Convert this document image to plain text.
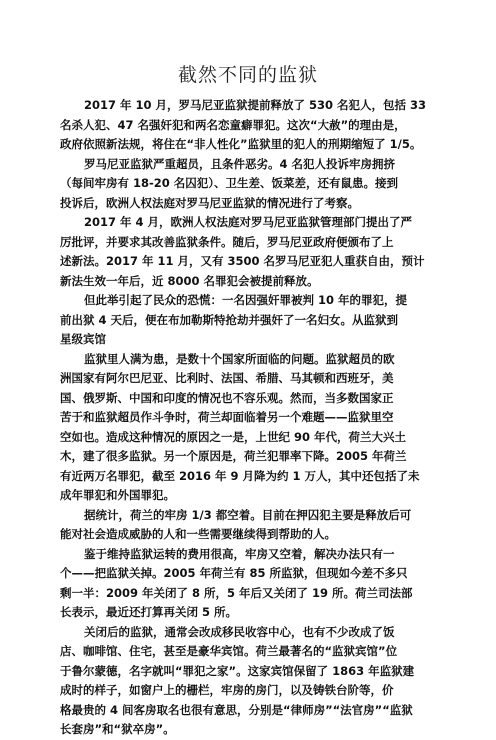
截然不同的监狱
2017 年 10 月，罗马尼亚监狱提前释放了 530 名犯人，包括 33
名杀人犯、47 名强奸犯和两名恋童癖罪犯。这次“大赦”的理由是，
政府依照新法规，将住在“非人性化”监狱里的犯人的刑期缩短了 1/5。
罗马尼亚监狱严重超员，且条件恶劣。4 名犯人投诉牢房拥挤
（每间牢房有 18-20 名囚犯）、卫生差、饭菜差，还有鼠患。接到
投诉后，欧洲人权法庭对罗马尼亚监狱的情况进行了考察。
2017 年 4 月，欧洲人权法庭对罗马尼亚监狱管理部门提出了严
厉批评，并要求其改善监狱条件。随后，罗马尼亚政府便颁布了上
述新法。2017 年 11 月，又有 3500 名罗马尼亚犯人重获自由，预计
新法生效一年后，近 8000 名罪犯会被提前释放。
但此举引起了民众的恐慌：一名因强奸罪被判 10 年的罪犯，提
前出狱 4 天后，便在布加勒斯特抢劫并强奸了一名妇女。从监狱到
星级宾馆
监狱里人满为患，是数十个国家所面临的问题。监狱超员的欧
洲国家有阿尔巴尼亚、比利时、法国、希腊、马其顿和西班牙，美
国、俄罗斯、中国和印度的情况也不容乐观。然而，当多数国家正
苦于和监狱超员作斗争时，荷兰却面临着另一个难题——监狱里空
空如也。造成这种情况的原因之一是，上世纪 90 年代，荷兰大兴土
木，建了很多监狱。另一个原因是，荷兰犯罪率下降。2005 年荷兰
有近两万名罪犯，截至 2016 年 9 月降为约 1 万人，其中还包括了未
成年罪犯和外国罪犯。
据统计，荷兰的牢房 1/3 都空着。目前在押囚犯主要是释放后可
能对社会造成威胁的人和一些需要继续得到帮助的人。
鉴于维持监狱运转的费用很高，牢房又空着，解决办法只有一
个——把监狱关掉。2005 年荷兰有 85 所监狱，但现如今差不多只
剩一半：2009 年关闭了 8 所，5 年后又关闭了 19 所。荷兰司法部
长表示，最近还打算再关闭 5 所。
关闭后的监狱，通常会改成移民收容中心，也有不少改成了饭
店、咖啡馆、住宅，甚至是豪华宾馆。荷兰最著名的“监狱宾馆”位
于鲁尔蒙德，名字就叫“罪犯之家”。这家宾馆保留了 1863 年监狱建
成时的样子，如窗户上的栅栏，牢房的房门，以及铸铁台阶等，价
格最贵的 4 间客房取名也很有意思，分别是“律师房”“法官房”“监狱
长套房”和“狱卒房”。
